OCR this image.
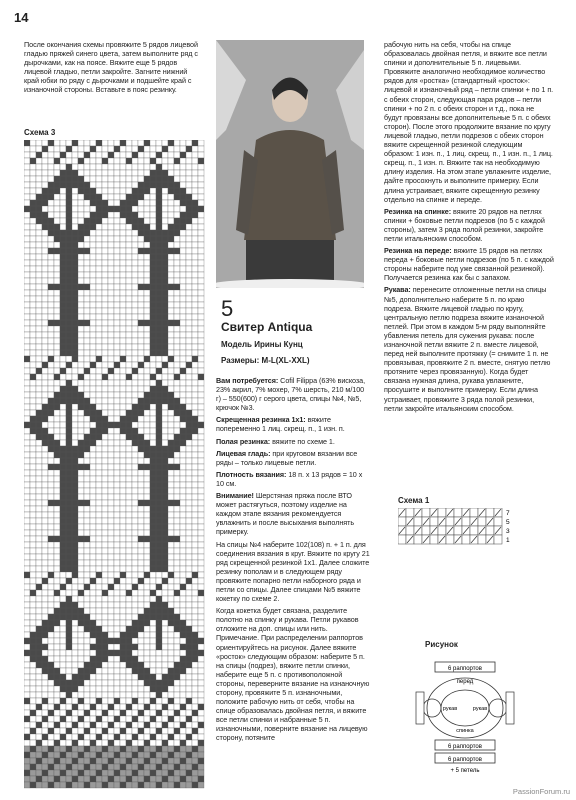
14
После окончания схемы провяжите 5 рядов лицевой гладью пряжей синего цвета, затем выполните ряд с дырочками, как на поясе. Вяжите еще 5 рядов лицевой гладью, петли закройте. Загните нижний край юбки по ряду с дырочками и подшейте край с изнаночной стороны. Вставьте в пояс резинку.
Схема 3
5
Свитер Antiqua
Модель Ирины Кунц
Размеры: M-L(XL-XXL)

Вам потребуется: Cofil Filippa (63% вискоза, 23% акрил, 7% мохер, 7% шерсть, 210 м/100 г) – 550(600) г серого цвета, спицы №4, №5, крючок №3.

Скрещенная резинка 1x1: вяжите попеременно 1 лиц. скрещ. п., 1 изн. п.

Полая резинка: вяжите по схеме 1.

Лицевая гладь: при круговом вязании все ряды – только лицевые петли.

Плотность вязания: 18 п. x 13 рядов = 10 x 10 см.

Внимание! Шерстяная пряжа после ВТО может растягуться, поэтому изделие на каждом этапе вязания рекомендуется увлажнить и после высыхания выполнять примерку.

На спицы №4 наберите 102(108) п. + 1 п. для соединения вязания в круг. Вяжите по кругу 21 ряд скрещенной резинкой 1x1. Далее сложите резинку пополам и в следующем ряду провяжите попарно петли наборного ряда и петли со спицы. Далее спицами №5 вяжите кокетку по схеме 2.

Когда кокетка будет связана, разделите полотно на спинку и рукава. Петли рукавов отложите на доп. спицы или нить. Примечание. При распределении раппортов ориентируйтесь на рисунок. Далее вяжите «росток» следующим образом: наберите 5 п. на спицы (подрез), вяжите петли спинки, наберите еще 5 п. с противоположной стороны, переверните вязание на изнаночную сторону, провяжите 5 п. изнаночными, положите рабочую нить от себя, чтобы на спице образовалась двойная петля, и вяжите все петли спинки и набранные 5 п. изнаночными, поверните вязание на лицевую сторону, потяните

рабочую нить на себя, чтобы на спице образовалась двойная петля, и вяжите все петли спинки и дополнительные 5 п. лицевыми. Провяжите аналогично необходимое количество рядов для «ростка» (стандартный «росток»: лицевой и изнаночный ряд – петли спинки + по 1 п. с обеих сторон, следующая пара рядов – петли спинки + по 2 п. с обеих сторон и т.д., пока не будут провязаны все дополнительные 5 п. с обеих сторон). После этого продолжите вязание по кругу лицевой гладью, петли подрезов с обеих сторон вяжите скрещенной резинкой следующим образом: 1 изн. п., 1 лиц. скрещ. п., 1 изн. п., 1 лиц. скрещ. п., 1 изн. п. Вяжите так на необходимую длину изделия. На этом этапе увлажните изделие, дайте просохнуть и выполните примерку. Если длина устраивает, вяжите скрещенную резинку отдельно на спинке и переде.

Резинка на спинке: вяжите 20 рядов на петлях спинки + боковые петли подрезов (по 5 с каждой стороны), затем 3 ряда полой резинки, закройте петли итальянским способом.

Резинка на переде: вяжите 15 рядов на петлях переда + боковые петли подрезов (по 5 п. с каждой стороны наберите под уже связанной резинкой). Получается резинка как бы с запахом.

Рукава: перенесите отложенные петли на спицы №5, дополнительно наберите 5 п. по краю подреза. Вяжите лицевой гладью по кругу, центральную петлю подреза вяжите изнаночной петлей. При этом в каждом 5-м ряду выполняйте убавления петель для сужения рукава: после изнаночной петли вяжите 2 п. вместе лицевой, перед ней выполните протяжку (= снимите 1 п. не провязывая, провяжите 2 п. вместе, снятую петлю протяните через провязанную). Когда будет связана нужная длина, рукава увлажните, просушите и выполните примерку. Если длина устраивает, провяжите 3 ряда полой резинки, петли закройте итальянским способом.

Схема 1
7
5
3
1
Рисунок
6 раппортов
перед
рукав	рукав
спинка
6 раппортов
6 раппортов
+ 5 петель
PassionForum.ru
